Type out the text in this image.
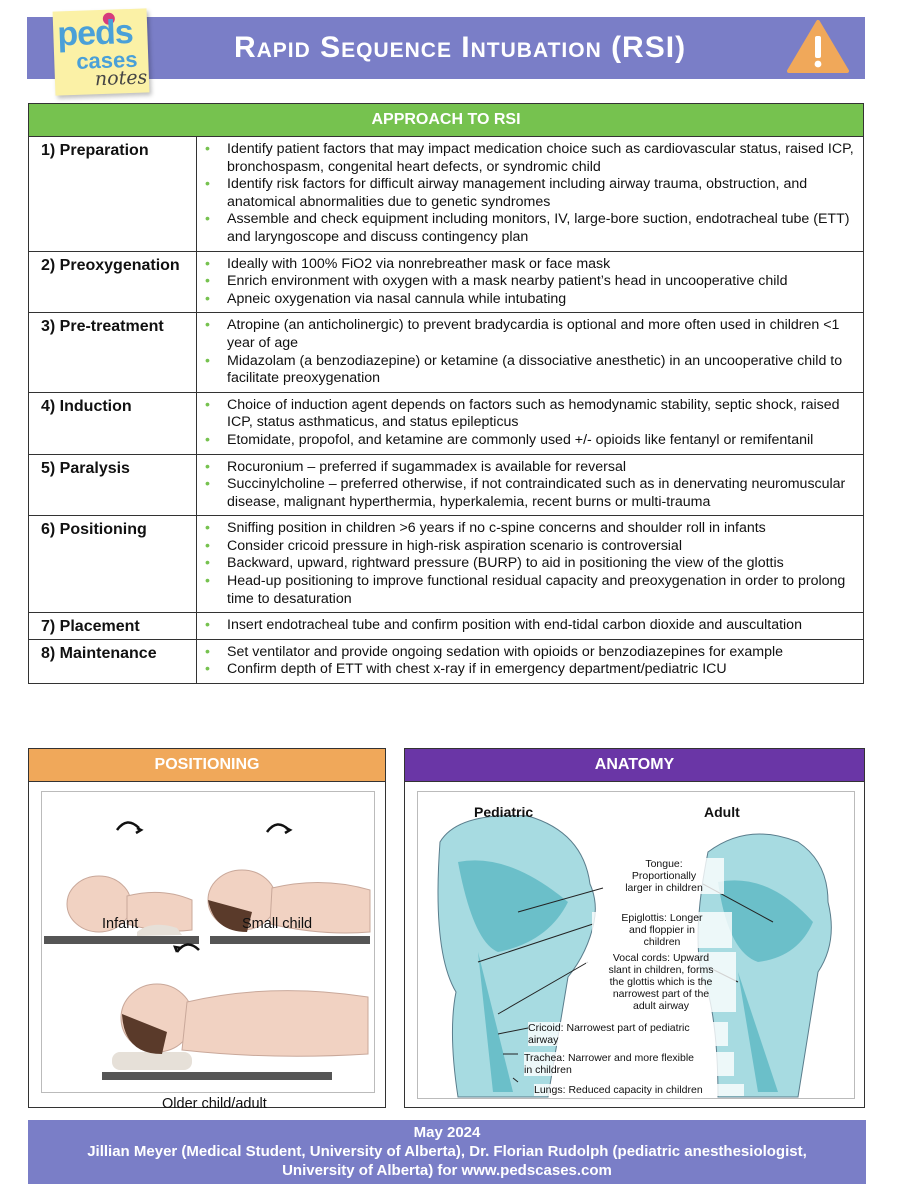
peds
cases
notes
Rapid Sequence Intubation (RSI)
APPROACH TO RSI
1) Preparation	• Identify patient factors that may impact medication choice such as cardiovascular status, raised ICP, bronchospasm, congenital heart defects, or syndromic child
• Identify risk factors for difficult airway management including airway trauma, obstruction, and anatomical abnormalities due to genetic syndromes
• Assemble and check equipment including monitors, IV, large-bore suction, endotracheal tube (ETT) and laryngoscope and discuss contingency plan
2) Preoxygenation	• Ideally with 100% FiO2 via nonrebreather mask or face mask
• Enrich environment with oxygen with a mask nearby patient’s head in uncooperative child
• Apneic oxygenation via nasal cannula while intubating
3) Pre-treatment	• Atropine (an anticholinergic) to prevent bradycardia is optional and more often used in children <1 year of age
• Midazolam (a benzodiazepine) or ketamine (a dissociative anesthetic) in an uncooperative child to facilitate preoxygenation
4) Induction	• Choice of induction agent depends on factors such as hemodynamic stability, septic shock, raised ICP, status asthmaticus, and status epilepticus
• Etomidate, propofol, and ketamine are commonly used +/- opioids like fentanyl or remifentanil
5) Paralysis	• Rocuronium – preferred if sugammadex is available for reversal
• Succinylcholine – preferred otherwise, if not contraindicated such as in denervating neuromuscular disease, malignant hyperthermia, hyperkalemia, recent burns or multi-trauma
6) Positioning	• Sniffing position in children >6 years if no c-spine concerns and shoulder roll in infants
• Consider cricoid pressure in high-risk aspiration scenario is controversial
• Backward, upward, rightward pressure (BURP) to aid in positioning the view of the glottis
• Head-up positioning to improve functional residual capacity and preoxygenation in order to prolong time to desaturation
7) Placement	• Insert endotracheal tube and confirm position with end-tidal carbon dioxide and auscultation
8) Maintenance	• Set ventilator and provide ongoing sedation with opioids or benzodiazepines for example
• Confirm depth of ETT with chest x-ray if in emergency department/pediatric ICU
POSITIONING
Infant	Small child
Older child/adult
ANATOMY
Pediatric	Adult
Tongue:
Proportionally
larger in children
Epiglottis: Longer
and floppier in
children
Vocal cords: Upward
slant in children, forms
the glottis which is the
narrowest part of the
adult airway
Cricoid: Narrowest part of pediatric
airway
Trachea: Narrower and more flexible
in children
Lungs: Reduced capacity in children
May 2024
Jillian Meyer (Medical Student, University of Alberta), Dr. Florian Rudolph (pediatric anesthesiologist,
University of Alberta) for www.pedscases.com
